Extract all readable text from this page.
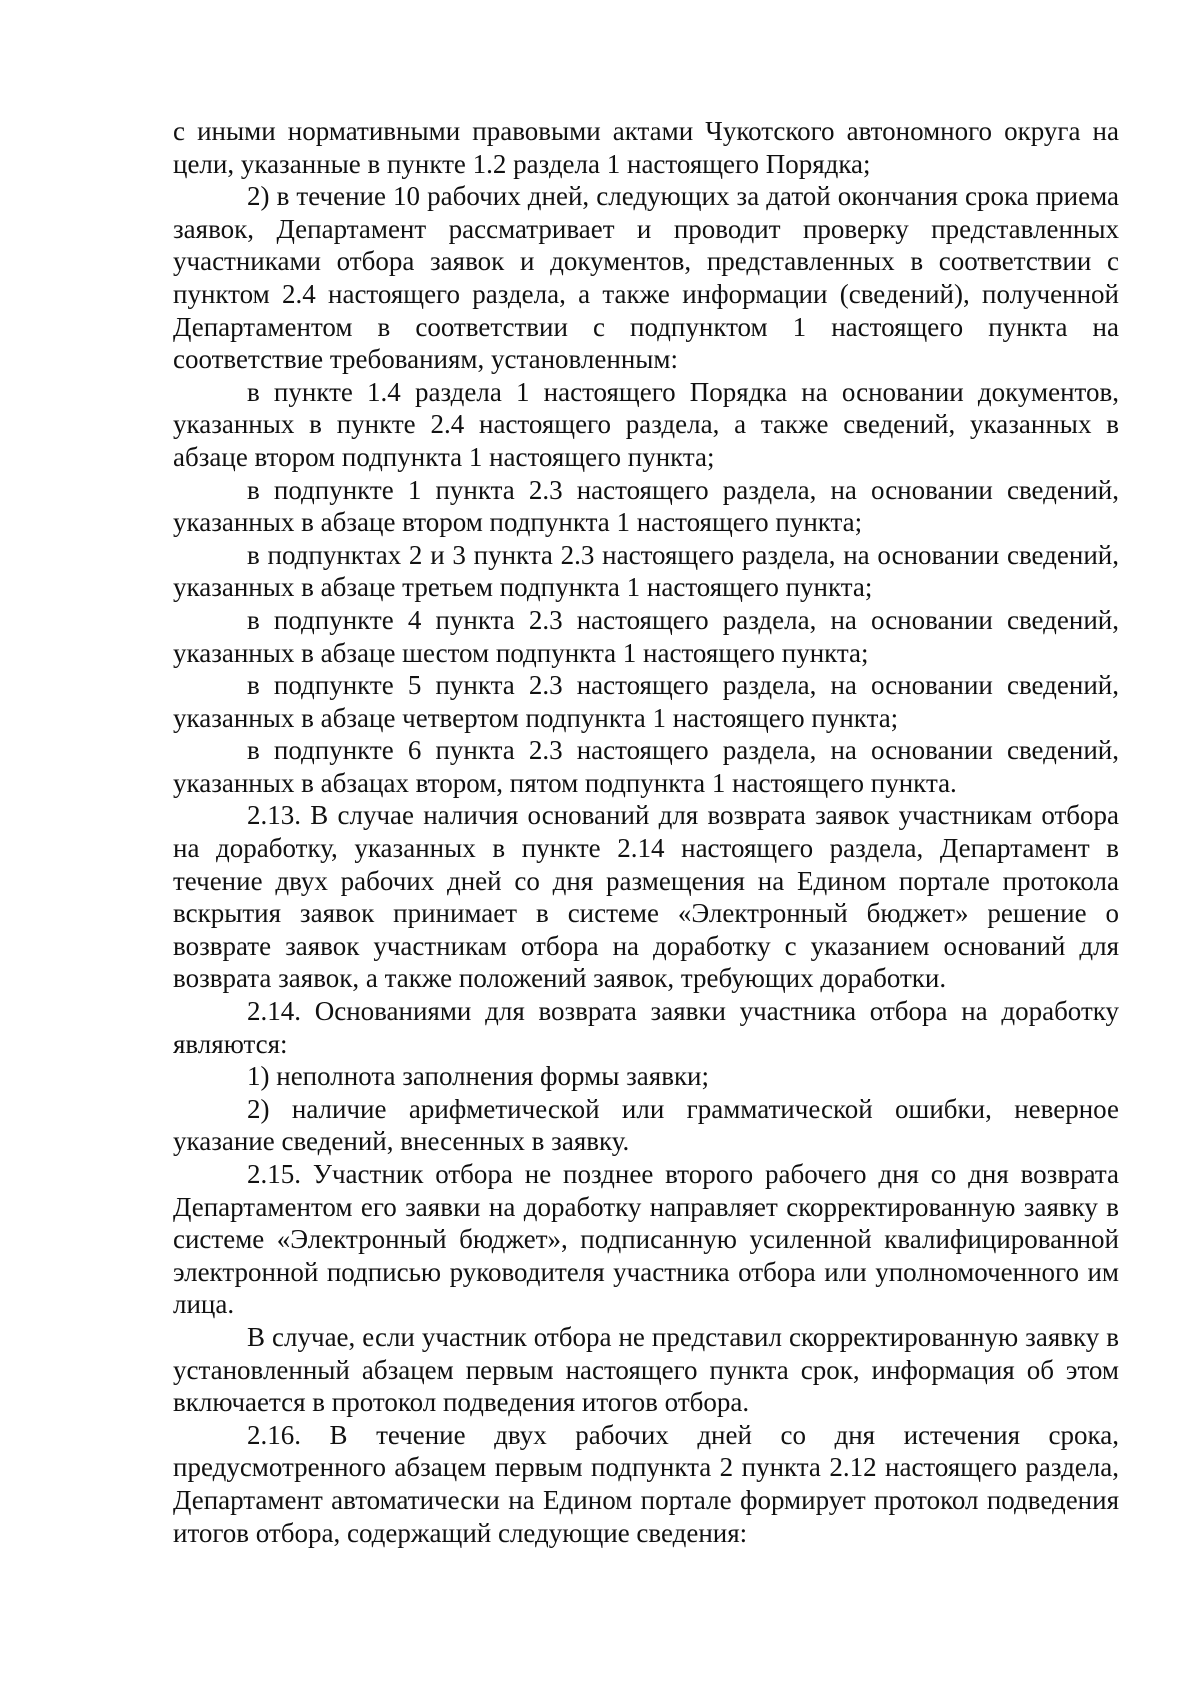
с иными нормативными правовыми актами Чукотского автономного округа на цели, указанные в пункте 1.2 раздела 1 настоящего Порядка;

2) в течение 10 рабочих дней, следующих за датой окончания срока приема заявок, Департамент рассматривает и проводит проверку представленных участниками отбора заявок и документов, представленных в соответствии с пунктом 2.4 настоящего раздела, а также информации (сведений), полученной Департаментом в соответствии с подпунктом 1 настоящего пункта на соответствие требованиям, установленным:

в пункте 1.4 раздела 1 настоящего Порядка на основании документов, указанных в пункте 2.4 настоящего раздела, а также сведений, указанных в абзаце втором подпункта 1 настоящего пункта;

в подпункте 1 пункта 2.3 настоящего раздела, на основании сведений, указанных в абзаце втором подпункта 1 настоящего пункта;

в подпунктах 2 и 3 пункта 2.3 настоящего раздела, на основании сведений, указанных в абзаце третьем подпункта 1 настоящего пункта;

в подпункте 4 пункта 2.3 настоящего раздела, на основании сведений, указанных в абзаце шестом подпункта 1 настоящего пункта;

в подпункте 5 пункта 2.3 настоящего раздела, на основании сведений, указанных в абзаце четвертом подпункта 1 настоящего пункта;

в подпункте 6 пункта 2.3 настоящего раздела, на основании сведений, указанных в абзацах втором, пятом подпункта 1 настоящего пункта.

2.13. В случае наличия оснований для возврата заявок участникам отбора на доработку, указанных в пункте 2.14 настоящего раздела, Департамент в течение двух рабочих дней со дня размещения на Едином портале протокола вскрытия заявок принимает в системе «Электронный бюджет» решение о возврате заявок участникам отбора на доработку с указанием оснований для возврата заявок, а также положений заявок, требующих доработки.

2.14. Основаниями для возврата заявки участника отбора на доработку являются:

1) неполнота заполнения формы заявки;

2) наличие арифметической или грамматической ошибки, неверное указание сведений, внесенных в заявку.

2.15. Участник отбора не позднее второго рабочего дня со дня возврата Департаментом его заявки на доработку направляет скорректированную заявку в системе «Электронный бюджет», подписанную усиленной квалифицированной электронной подписью руководителя участника отбора или уполномоченного им лица.

В случае, если участник отбора не представил скорректированную заявку в установленный абзацем первым настоящего пункта срок, информация об этом включается в протокол подведения итогов отбора.

2.16. В течение двух рабочих дней со дня истечения срока, предусмотренного абзацем первым подпункта 2 пункта 2.12 настоящего раздела, Департамент автоматически на Едином портале формирует протокол подведения итогов отбора, содержащий следующие сведения:
